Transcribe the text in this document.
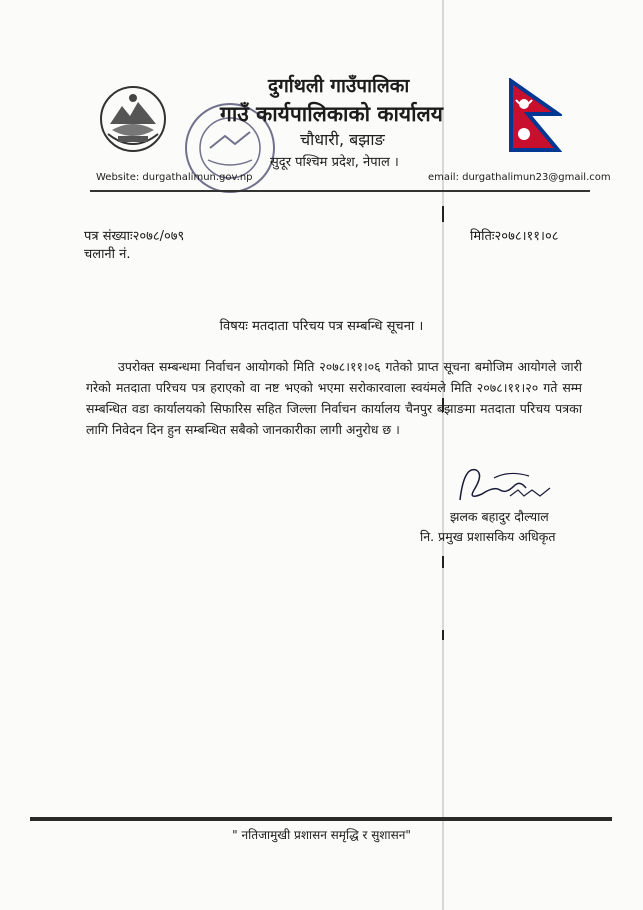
दुर्गाथली गाउँपालिका
गाउँ कार्यपालिकाको कार्यालय
चौधारी, बझाङ
सुदूर पश्चिम प्रदेश, नेपाल ।
Website: durgathalimun.gov.np	email: durgathalimun23@gmail.com
पत्र संख्याः२०७८/०७९
चलानी नं.
मितिः२०७८।११।०८
विषयः मतदाता परिचय पत्र सम्बन्धि सूचना ।
उपरोक्त सम्बन्धमा निर्वाचन आयोगको मिति २०७८।११।०६ गतेको प्राप्त सूचना बमोजिम आयोगले जारी गरेको मतदाता परिचय पत्र हराएको वा नष्ट भएको भएमा सरोकारवाला स्वयंमले मिति २०७८।११।२० गते सम्म सम्बन्धित वडा कार्यालयको सिफारिस सहित जिल्ला निर्वाचन कार्यालय चैनपुर बझाङमा मतदाता परिचय पत्रका लागि निवेदन दिन हुन सम्बन्धित सबैको जानकारीका लागी अनुरोध छ ।
झलक बहादुर दौल्याल
नि. प्रमुख प्रशासकिय अधिकृत
" नतिजामुखी प्रशासन समृद्धि र सुशासन"
